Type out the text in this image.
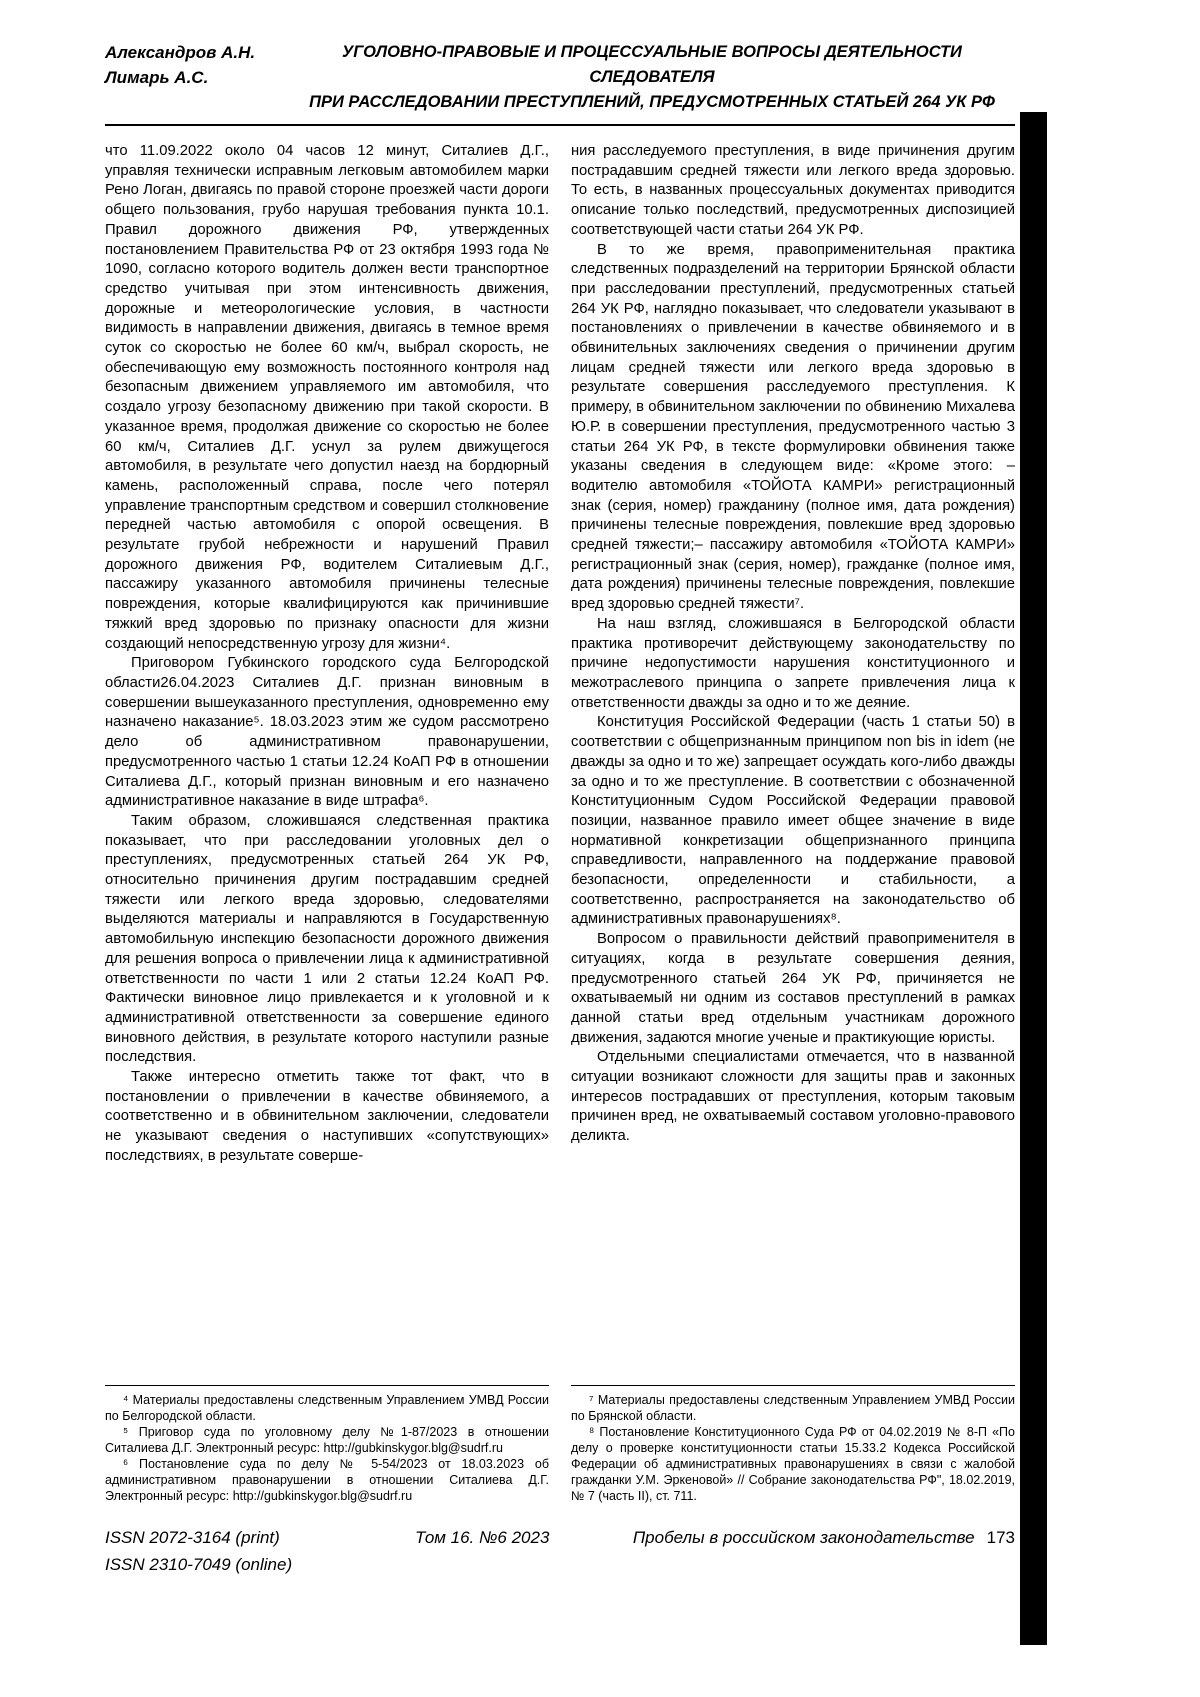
Александров А.Н.
Лимарь А.С.
УГОЛОВНО-ПРАВОВЫЕ И ПРОЦЕССУАЛЬНЫЕ ВОПРОСЫ ДЕЯТЕЛЬНОСТИ СЛЕДОВАТЕЛЯ
ПРИ РАССЛЕДОВАНИИ ПРЕСТУПЛЕНИЙ, ПРЕДУСМОТРЕННЫХ СТАТЬЕЙ 264 УК РФ

что 11.09.2022 около 04 часов 12 минут, Ситалиев Д.Г., управляя технически исправным легковым автомобилем марки Рено Логан, двигаясь по правой стороне проезжей части дороги общего пользования, грубо нарушая требования пункта 10.1. Правил дорожного движения РФ, утвержденных постановлением Правительства РФ от 23 октября 1993 года № 1090, согласно которого водитель должен вести транспортное средство учитывая при этом интенсивность движения, дорожные и метеорологические условия, в частности видимость в направлении движения, двигаясь в темное время суток со скоростью не более 60 км/ч, выбрал скорость, не обеспечивающую ему возможность постоянного контроля над безопасным движением управляемого им автомобиля, что создало угрозу безопасному движению при такой скорости. В указанное время, продолжая движение со скоростью не более 60 км/ч, Ситалиев Д.Г. уснул за рулем движущегося автомобиля, в результате чего допустил наезд на бордюрный камень, расположенный справа, после чего потерял управление транспортным средством и совершил столкновение передней частью автомобиля с опорой освещения. В результате грубой небрежности и нарушений Правил дорожного движения РФ, водителем Ситалиевым Д.Г., пассажиру указанного автомобиля причинены телесные повреждения, которые квалифицируются как причинившие тяжкий вред здоровью по признаку опасности для жизни создающий непосредственную угрозу для жизни⁴.

Приговором Губкинского городского суда Белгородской области26.04.2023 Ситалиев Д.Г. признан виновным в совершении вышеуказанного преступления, одновременно ему назначено наказание⁵. 18.03.2023 этим же судом рассмотрено дело об административном правонарушении, предусмотренного частью 1 статьи 12.24 КоАП РФ в отношении Ситалиева Д.Г., который признан виновным и его назначено административное наказание в виде штрафа⁶.

Таким образом, сложившаяся следственная практика показывает, что при расследовании уголовных дел о преступлениях, предусмотренных статьей 264 УК РФ, относительно причинения другим пострадавшим средней тяжести или легкого вреда здоровью, следователями выделяются материалы и направляются в Государственную автомобильную инспекцию безопасности дорожного движения для решения вопроса о привлечении лица к административной ответственности по части 1 или 2 статьи 12.24 КоАП РФ. Фактически виновное лицо привлекается и к уголовной и к административной ответственности за совершение единого виновного действия, в результате которого наступили разные последствия.

Также интересно отметить также тот факт, что в постановлении о привлечении в качестве обвиняемого, а соответственно и в обвинительном заключении, следователи не указывают сведения о наступивших «сопутствующих» последствиях, в результате соверше-

⁴ Материалы предоставлены следственным Управлением УМВД России по Белгородской области.

⁵ Приговор суда по уголовному делу №1-87/2023 в отношении Ситалиева Д.Г. Электронный ресурс: http://gubkinskygor.blg@sudrf.ru

⁶ Постановление суда по делу № 5-54/2023 от 18.03.2023 об административном правонарушении в отношении Ситалиева Д.Г. Электронный ресурс: http://gubkinskygor.blg@sudrf.ru

ния расследуемого преступления, в виде причинения другим пострадавшим средней тяжести или легкого вреда здоровью. То есть, в названных процессуальных документах приводится описание только последствий, предусмотренных диспозицией соответствующей части статьи 264 УК РФ.

В то же время, правоприменительная практика следственных подразделений на территории Брянской области при расследовании преступлений, предусмотренных статьей 264 УК РФ, наглядно показывает, что следователи указывают в постановлениях о привлечении в качестве обвиняемого и в обвинительных заключениях сведения о причинении другим лицам средней тяжести или легкого вреда здоровью в результате совершения расследуемого преступления. К примеру, в обвинительном заключении по обвинению Михалева Ю.Р. в совершении преступления, предусмотренного частью 3 статьи 264 УК РФ, в тексте формулировки обвинения также указаны сведения в следующем виде: «Кроме этого: – водителю автомобиля «ТОЙОТА КАМРИ» регистрационный знак (серия, номер) гражданину (полное имя, дата рождения) причинены телесные повреждения, повлекшие вред здоровью средней тяжести;– пассажиру автомобиля «ТОЙОТА КАМРИ» регистрационный знак (серия, номер), гражданке (полное имя, дата рождения) причинены телесные повреждения, повлекшие вред здоровью средней тяжести⁷.

На наш взгляд, сложившаяся в Белгородской области практика противоречит действующему законодательству по причине недопустимости нарушения конституционного и межотраслевого принципа о запрете привлечения лица к ответственности дважды за одно и то же деяние.

Конституция Российской Федерации (часть 1 статьи 50) в соответствии с общепризнанным принципом non bis in idem (не дважды за одно и то же) запрещает осуждать кого-либо дважды за одно и то же преступление. В соответствии с обозначенной Конституционным Судом Российской Федерации правовой позиции, названное правило имеет общее значение в виде нормативной конкретизации общепризнанного принципа справедливости, направленного на поддержание правовой безопасности, определенности и стабильности, а соответственно, распространяется на законодательство об административных правонарушениях⁸.

Вопросом о правильности действий правоприменителя в ситуациях, когда в результате совершения деяния, предусмотренного статьей 264 УК РФ, причиняется не охватываемый ни одним из составов преступлений в рамках данной статьи вред отдельным участникам дорожного движения, задаются многие ученые и практикующие юристы.

Отдельными специалистами отмечается, что в названной ситуации возникают сложности для защиты прав и законных интересов пострадавших от преступления, которым таковым причинен вред, не охватываемый составом уголовно-правового деликта.

⁷ Материалы предоставлены следственным Управлением УМВД России по Брянской области.

⁸ Постановление Конституционного Суда РФ от 04.02.2019 № 8-П «По делу о проверке конституционности статьи 15.33.2 Кодекса Российской Федерации об административных правонарушениях в связи с жалобой гражданки У.М. Эркеновой» // Собрание законодательства РФ", 18.02.2019, № 7 (часть II), ст. 711.

ISSN 2072-3164 (print)
ISSN 2310-7049 (online)
Том 16. №6 2023	Пробелы в российском законодательстве 173
